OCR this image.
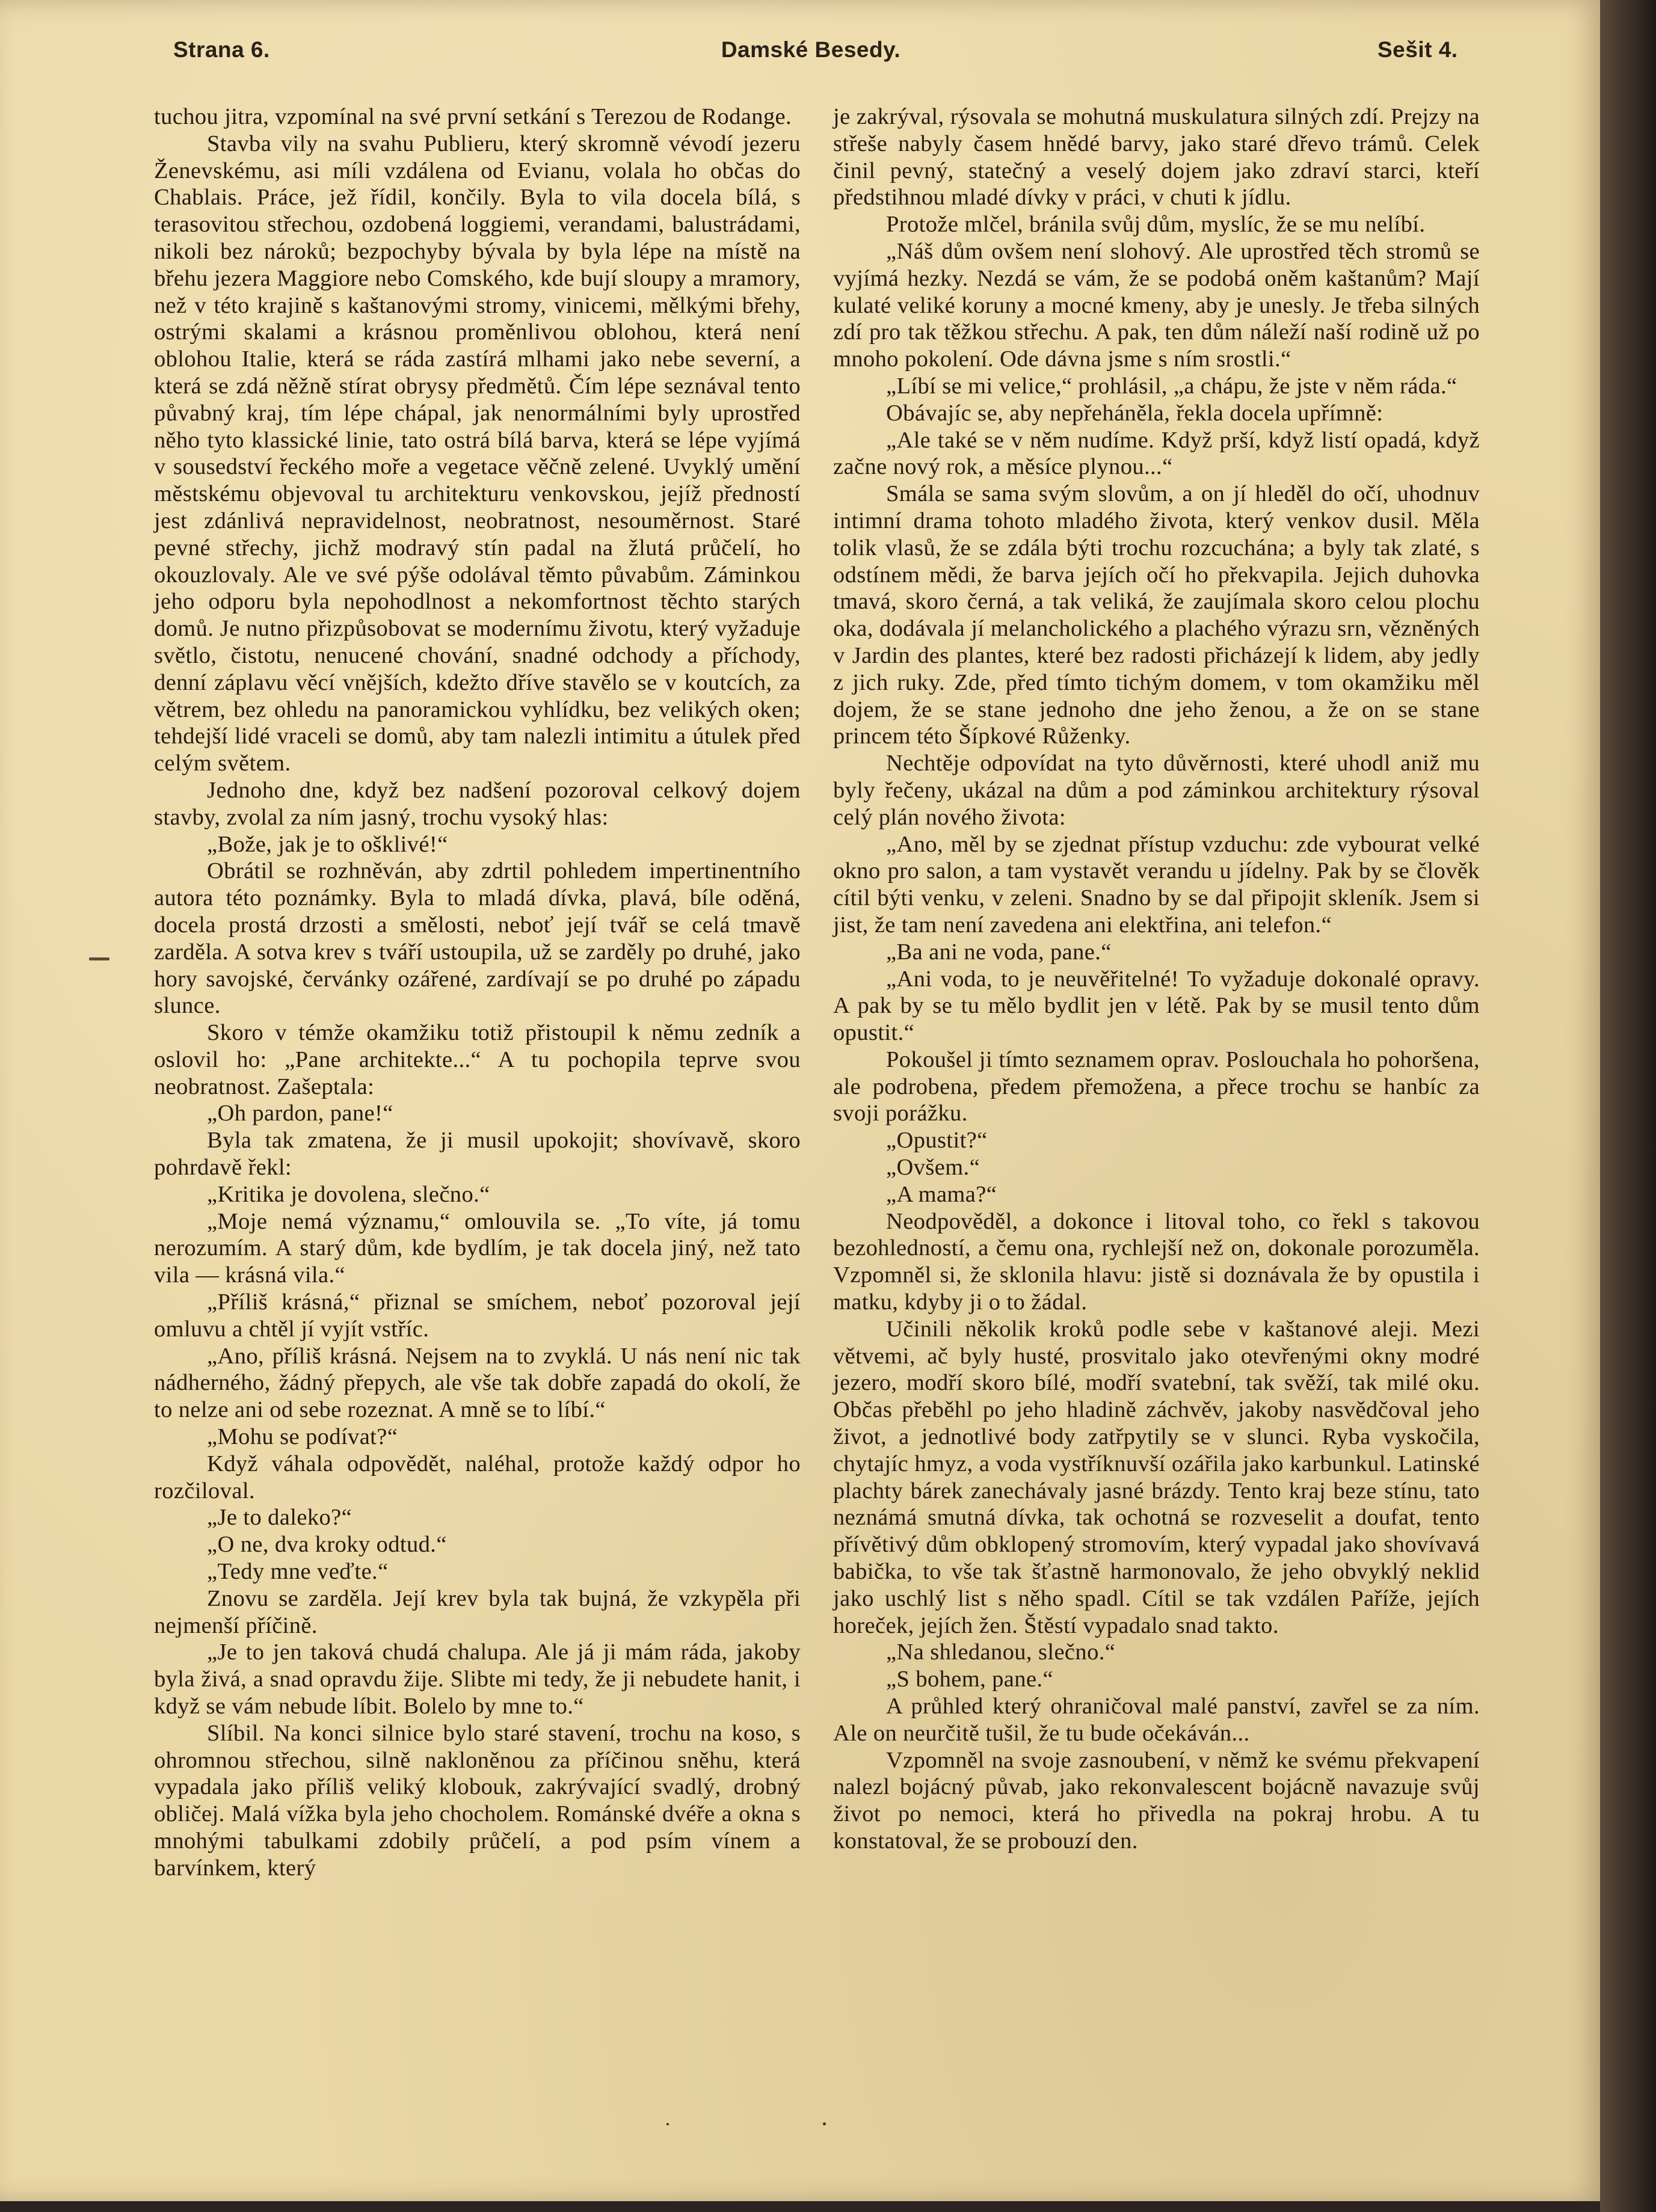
Strana 6.	Damské Besedy.	Sešit 4.

tuchou jitra, vzpomínal na své první setkání s Terezou de Rodange.

Stavba vily na svahu Publieru, který skromně vévodí jezeru Ženevskému, asi míli vzdálena od Evianu, volala ho občas do Chablais. Práce, jež řídil, končily. Byla to vila docela bílá, s terasovitou střechou, ozdobená loggiemi, verandami, balustrádami, nikoli bez nároků; bezpochyby bývala by byla lépe na místě na břehu jezera Maggiore nebo Comského, kde bují sloupy a mramory, než v této krajině s kaštanovými stromy, vinicemi, mělkými břehy, ostrými skalami a krásnou proměnlivou oblohou, která není oblohou Italie, která se ráda zastírá mlhami jako nebe severní, a která se zdá něžně stírat obrysy předmětů. Čím lépe seznával tento půvabný kraj, tím lépe chápal, jak nenormálními byly uprostřed něho tyto klassické linie, tato ostrá bílá barva, která se lépe vyjímá v sousedství řeckého moře a vegetace věčně zelené. Uvyklý umění městskému objevoval tu architekturu venkovskou, jejíž předností jest zdánlivá nepravidelnost, neobratnost, nesouměrnost. Staré pevné střechy, jichž modravý stín padal na žlutá průčelí, ho okouzlovaly. Ale ve své pýše odolával těmto půvabům. Záminkou jeho odporu byla nepohodlnost a nekomfortnost těchto starých domů. Je nutno přizpůsobovat se modernímu životu, který vyžaduje světlo, čistotu, nenucené chování, snadné odchody a příchody, denní záplavu věcí vnějších, kdežto dříve stavělo se v koutcích, za větrem, bez ohledu na panoramickou vyhlídku, bez velikých oken; tehdejší lidé vraceli se domů, aby tam nalezli intimitu a útulek před celým světem.

Jednoho dne, když bez nadšení pozoroval celkový dojem stavby, zvolal za ním jasný, trochu vysoký hlas:

„Bože, jak je to ošklivé!“

Obrátil se rozhněván, aby zdrtil pohledem impertinentního autora této poznámky. Byla to mladá dívka, plavá, bíle oděná, docela prostá drzosti a smělosti, neboť její tvář se celá tmavě zarděla. A sotva krev s tváří ustoupila, už se zarděly po druhé, jako hory savojské, červánky ozářené, zardívají se po druhé po západu slunce.

Skoro v témže okamžiku totiž přistoupil k němu zedník a oslovil ho: „Pane architekte...“ A tu pochopila teprve svou neobratnost. Zašeptala:

„Oh pardon, pane!“

Byla tak zmatena, že ji musil upokojit; shovívavě, skoro pohrdavě řekl:

„Kritika je dovolena, slečno.“

„Moje nemá významu,“ omlouvila se. „To víte, já tomu nerozumím. A starý dům, kde bydlím, je tak docela jiný, než tato vila — krásná vila.“

„Příliš krásná,“ přiznal se smíchem, neboť pozoroval její omluvu a chtěl jí vyjít vstříc.

„Ano, příliš krásná. Nejsem na to zvyklá. U nás není nic tak nádherného, žádný přepych, ale vše tak dobře zapadá do okolí, že to nelze ani od sebe rozeznat. A mně se to líbí.“

„Mohu se podívat?“

Když váhala odpovědět, naléhal, protože každý odpor ho rozčiloval.

„Je to daleko?“

„O ne, dva kroky odtud.“

„Tedy mne veďte.“

Znovu se zarděla. Její krev byla tak bujná, že vzkypěla při nejmenší příčině.

„Je to jen taková chudá chalupa. Ale já ji mám ráda, jakoby byla živá, a snad opravdu žije. Slibte mi tedy, že ji nebudete hanit, i když se vám nebude líbit. Bolelo by mne to.“

Slíbil. Na konci silnice bylo staré stavení, trochu na koso, s ohromnou střechou, silně nakloněnou za příčinou sněhu, která vypadala jako příliš veliký klobouk, zakrývající svadlý, drobný obličej. Malá vížka byla jeho chocholem. Románské dvéře a okna s mnohými tabulkami zdobily průčelí, a pod psím vínem a barvínkem, který

je zakrýval, rýsovala se mohutná muskulatura silných zdí. Prejzy na střeše nabyly časem hnědé barvy, jako staré dřevo trámů. Celek činil pevný, statečný a veselý dojem jako zdraví starci, kteří předstihnou mladé dívky v práci, v chuti k jídlu.

Protože mlčel, bránila svůj dům, myslíc, že se mu nelíbí.

„Náš dům ovšem není slohový. Ale uprostřed těch stromů se vyjímá hezky. Nezdá se vám, že se podobá oněm kaštanům? Mají kulaté veliké koruny a mocné kmeny, aby je unesly. Je třeba silných zdí pro tak těžkou střechu. A pak, ten dům náleží naší rodině už po mnoho pokolení. Ode dávna jsme s ním srostli.“

„Líbí se mi velice,“ prohlásil, „a chápu, že jste v něm ráda.“

Obávajíc se, aby nepřeháněla, řekla docela upřímně:

„Ale také se v něm nudíme. Když prší, když listí opadá, když začne nový rok, a měsíce plynou...“

Smála se sama svým slovům, a on jí hleděl do očí, uhodnuv intimní drama tohoto mladého života, který venkov dusil. Měla tolik vlasů, že se zdála býti trochu rozcuchána; a byly tak zlaté, s odstínem mědi, že barva jejích očí ho překvapila. Jejich duhovka tmavá, skoro černá, a tak veliká, že zaujímala skoro celou plochu oka, dodávala jí melancholického a plachého výrazu srn, vězněných v Jardin des plantes, které bez radosti přicházejí k lidem, aby jedly z jich ruky. Zde, před tímto tichým domem, v tom okamžiku měl dojem, že se stane jednoho dne jeho ženou, a že on se stane princem této Šípkové Růženky.

Nechtěje odpovídat na tyto důvěrnosti, které uhodl aniž mu byly řečeny, ukázal na dům a pod záminkou architektury rýsoval celý plán nového života:

„Ano, měl by se zjednat přístup vzduchu: zde vybourat velké okno pro salon, a tam vystavět verandu u jídelny. Pak by se člověk cítil býti venku, v zeleni. Snadno by se dal připojit skleník. Jsem si jist, že tam není zavedena ani elektřina, ani telefon.“

„Ba ani ne voda, pane.“

„Ani voda, to je neuvěřitelné! To vyžaduje dokonalé opravy. A pak by se tu mělo bydlit jen v létě. Pak by se musil tento dům opustit.“

Pokoušel ji tímto seznamem oprav. Poslouchala ho pohoršena, ale podrobena, předem přemožena, a přece trochu se hanbíc za svoji porážku.

„Opustit?“

„Ovšem.“

„A mama?“

Neodpověděl, a dokonce i litoval toho, co řekl s takovou bezohledností, a čemu ona, rychlejší než on, dokonale porozuměla. Vzpomněl si, že sklonila hlavu: jistě si doznávala že by opustila i matku, kdyby ji o to žádal.

Učinili několik kroků podle sebe v kaštanové aleji. Mezi větvemi, ač byly husté, prosvitalo jako otevřenými okny modré jezero, modří skoro bílé, modří svatební, tak svěží, tak milé oku. Občas přeběhl po jeho hladině záchvěv, jakoby nasvědčoval jeho život, a jednotlivé body zatřpytily se v slunci. Ryba vyskočila, chytajíc hmyz, a voda vystříknuvší ozářila jako karbunkul. Latinské plachty bárek zanechávaly jasné brázdy. Tento kraj beze stínu, tato neznámá smutná dívka, tak ochotná se rozveselit a doufat, tento přívětivý dům obklopený stromovím, který vypadal jako shovívavá babička, to vše tak šťastně harmonovalo, že jeho obvyklý neklid jako uschlý list s něho spadl. Cítil se tak vzdálen Paříže, jejích horeček, jejích žen. Štěstí vypadalo snad takto.

„Na shledanou, slečno.“

„S bohem, pane.“

A průhled který ohraničoval malé panství, zavřel se za ním. Ale on neurčitě tušil, že tu bude očekáván...

Vzpomněl na svoje zasnoubení, v němž ke svému překvapení nalezl bojácný půvab, jako rekonvalescent bojácně navazuje svůj život po nemoci, která ho přivedla na pokraj hrobu. A tu konstatoval, že se probouzí den.
